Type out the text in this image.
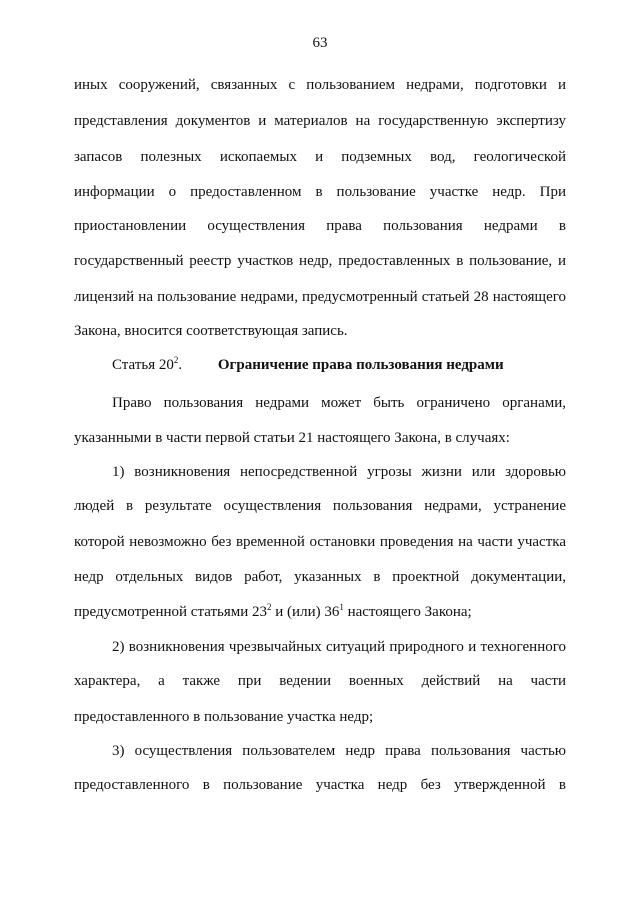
63
иных сооружений, связанных с пользованием недрами, подготовки и
представления документов и материалов на государственную экспертизу
запасов полезных ископаемых и подземных вод, геологической
информации о предоставленном в пользование участке недр. При
приостановлении осуществления права пользования недрами в
государственный реестр участков недр, предоставленных в пользование, и
лицензий на пользование недрами, предусмотренный статьей 28 настоящего
Закона, вносится соответствующая запись.
Статья $20^2$. Ограничение права пользования недрами
Право пользования недрами может быть ограничено органами,
указанными в части первой статьи 21 настоящего Закона, в случаях:
1) возникновения непосредственной угрозы жизни или здоровью
людей в результате осуществления пользования недрами, устранение
которой невозможно без временной остановки проведения на части участка
недр отдельных видов работ, указанных в проектной документации,
предусмотренной статьями $23^2$ и (или) $36^1$ настоящего Закона;
2) возникновения чрезвычайных ситуаций природного и техногенного
характера, а также при ведении военных действий на части
предоставленного в пользование участка недр;
3) осуществления пользователем недр права пользования частью
предоставленного в пользование участка недр без утвержденной в
